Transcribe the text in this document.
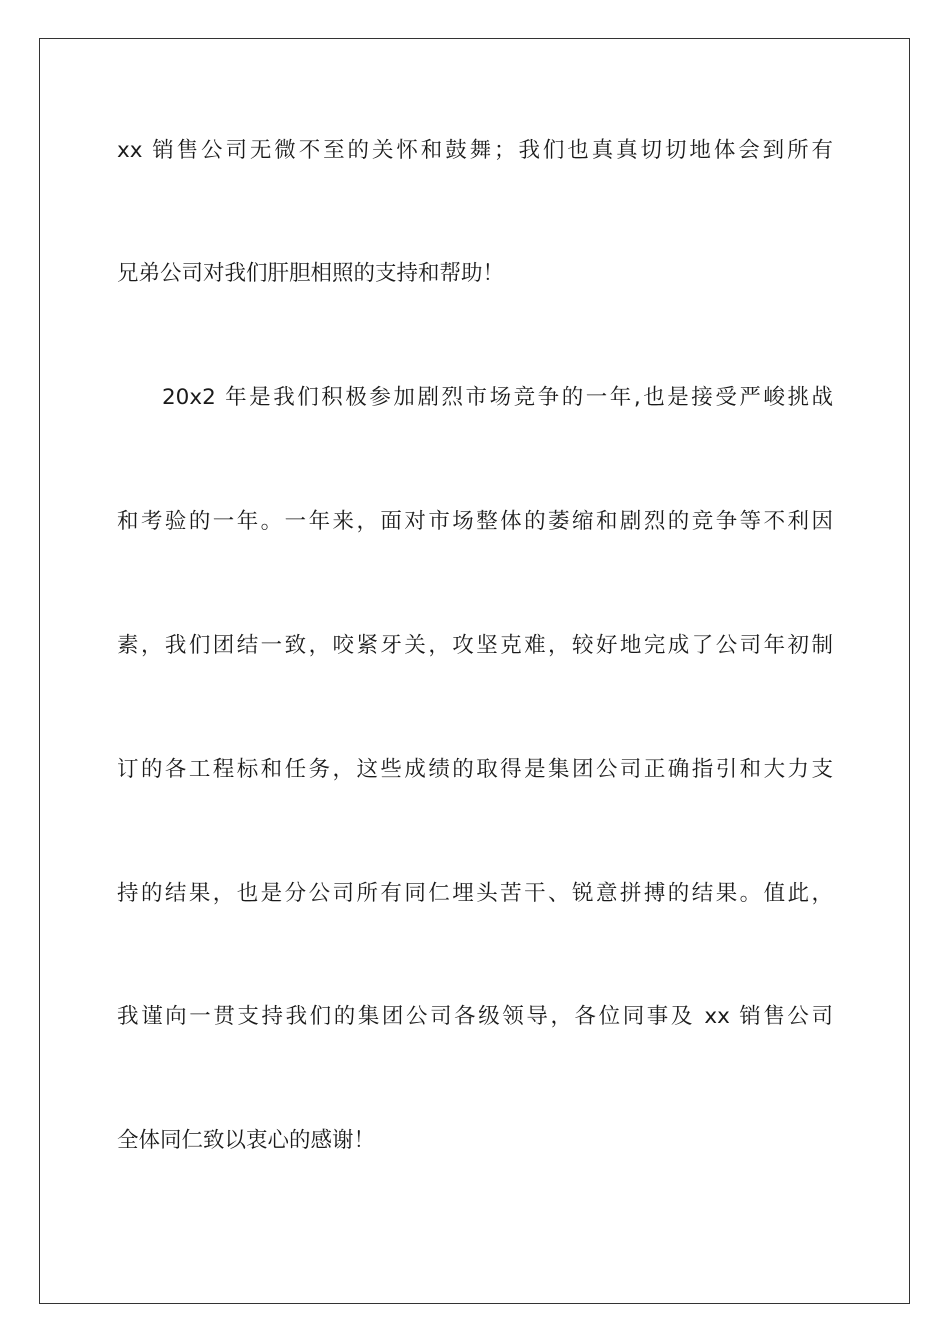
xx 销售公司无微不至的关怀和鼓舞；我们也真真切切地体会到所有
兄弟公司对我们肝胆相照的支持和帮助！
20x2 年是我们积极参加剧烈市场竞争的一年,也是接受严峻挑战
和考验的一年。一年来，面对市场整体的萎缩和剧烈的竞争等不利因
素，我们团结一致，咬紧牙关，攻坚克难，较好地完成了公司年初制
订的各工程标和任务，这些成绩的取得是集团公司正确指引和大力支
持的结果，也是分公司所有同仁埋头苦干、锐意拼搏的结果。值此，
我谨向一贯支持我们的集团公司各级领导，各位同事及 xx 销售公司
全体同仁致以衷心的感谢！
